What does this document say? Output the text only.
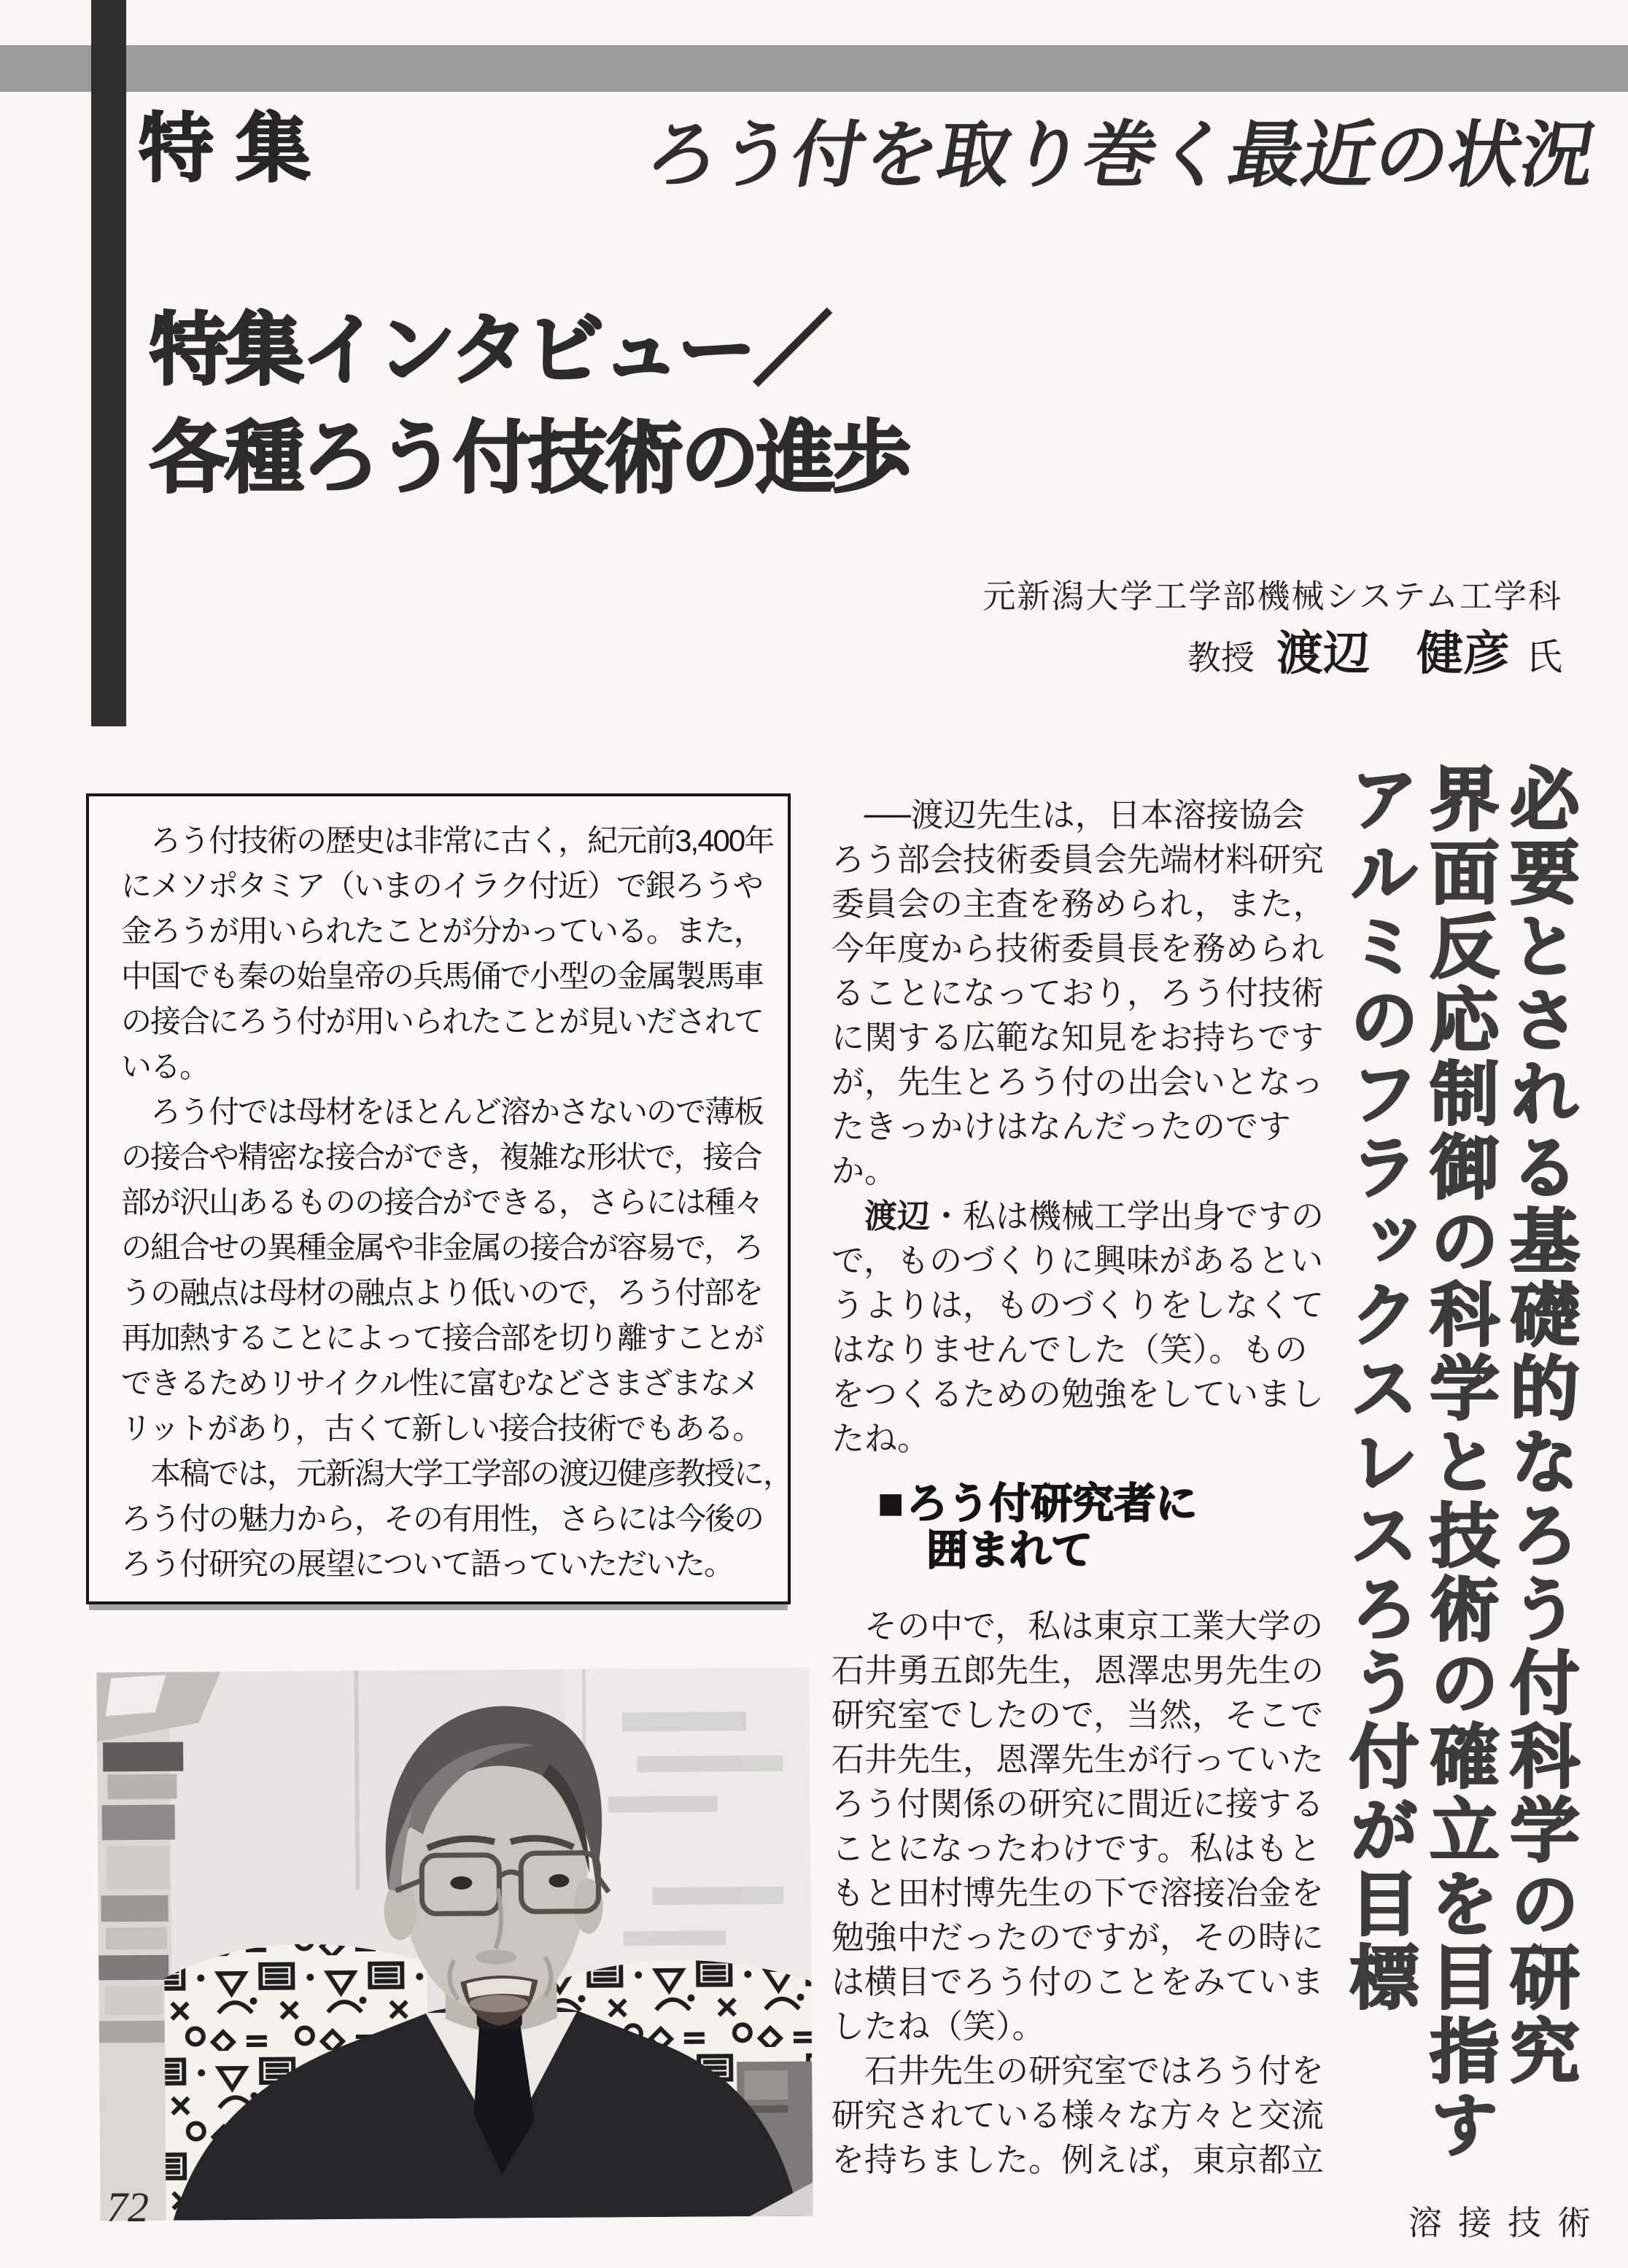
特集	ろう付を取り巻く最近の状況
特集インタビュー／
各種ろう付技術の進歩
元新潟大学工学部機械システム工学科
教授 渡辺　健彦 氏
　ろう付技術の歴史は非常に古く，紀元前3,400年
にメソポタミア（いまのイラク付近）で銀ろうや
金ろうが用いられたことが分かっている。また，
中国でも秦の始皇帝の兵馬俑で小型の金属製馬車
の接合にろう付が用いられたことが見いだされて
いる。
　ろう付では母材をほとんど溶かさないので薄板
の接合や精密な接合ができ，複雑な形状で，接合
部が沢山あるものの接合ができる，さらには種々
の組合せの異種金属や非金属の接合が容易で，ろ
うの融点は母材の融点より低いので，ろう付部を
再加熱することによって接合部を切り離すことが
できるためリサイクル性に富むなどさまざまなメ
リットがあり，古くて新しい接合技術でもある。
　本稿では，元新潟大学工学部の渡辺健彦教授に，
ろう付の魅力から，その有用性，さらには今後の
ろう付研究の展望について語っていただいた。
　──渡辺先生は，日本溶接協会
ろう部会技術委員会先端材料研究
委員会の主査を務められ，また，
今年度から技術委員長を務められ
ることになっており，ろう付技術
に関する広範な知見をお持ちです
が，先生とろう付の出会いとなっ
たきっかけはなんだったのです
か。
　渡辺・私は機械工学出身ですの
で，ものづくりに興味があるとい
うよりは，ものづくりをしなくて
はなりませんでした（笑）。もの
をつくるための勉強をしていまし
たね。
■ろう付研究者に
囲まれて
　その中で，私は東京工業大学の
石井勇五郎先生，恩澤忠男先生の
研究室でしたので，当然，そこで
石井先生，恩澤先生が行っていた
ろう付関係の研究に間近に接する
ことになったわけです。私はもと
もと田村博先生の下で溶接冶金を
勉強中だったのですが，その時に
は横目でろう付のことをみていま
したね（笑）。
　石井先生の研究室ではろう付を
研究されている様々な方々と交流
を持ちました。例えば，東京都立
必要とされる基礎的なろう付科学の研究
界面反応制御の科学と技術の確立を目指す
アルミのフラックスレスろう付が目標
72	溶接技術
